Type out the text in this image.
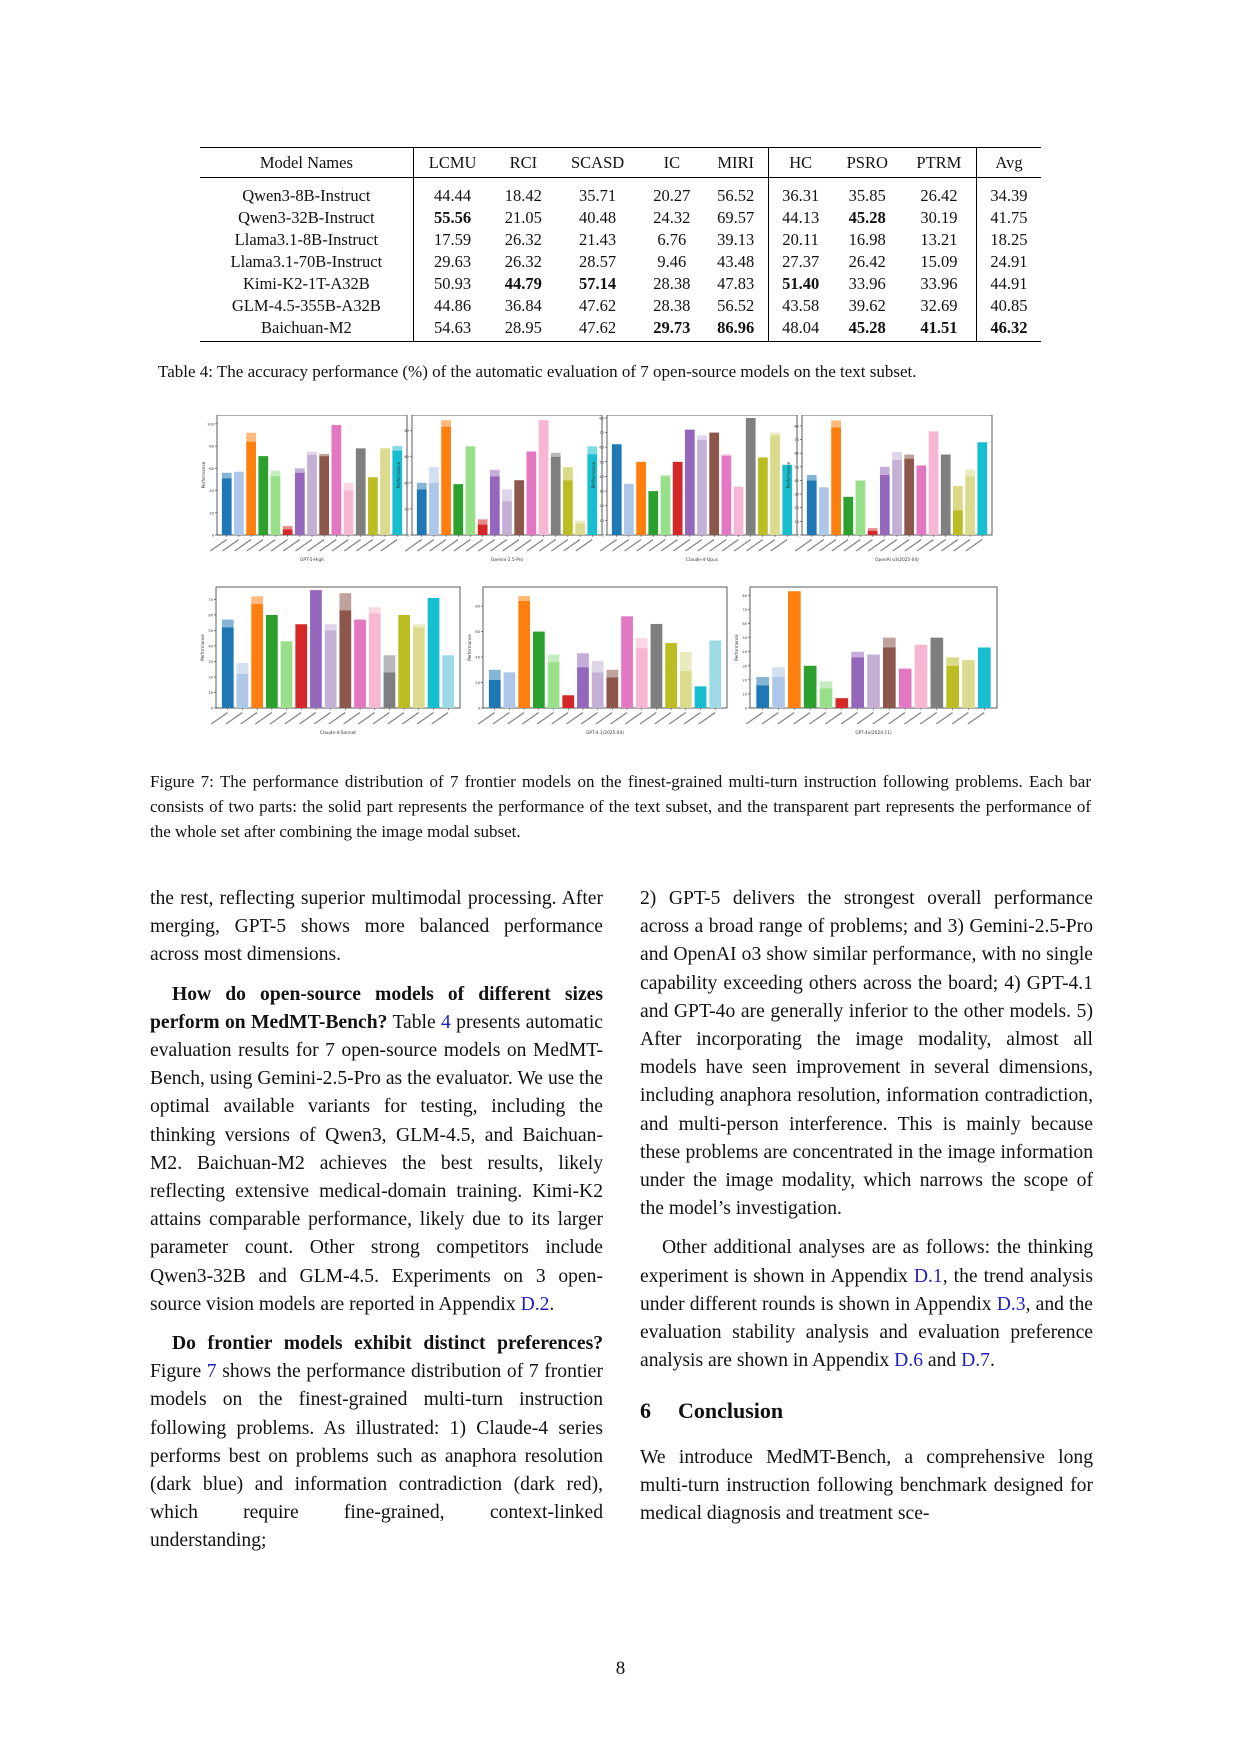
Model Names	LCMU	RCI	SCASD	IC	MIRI	HC	PSRO	PTRM	Avg
Qwen3-8B-Instruct	44.44	18.42	35.71	20.27	56.52	36.31	35.85	26.42	34.39
Qwen3-32B-Instruct	55.56	21.05	40.48	24.32	69.57	44.13	45.28	30.19	41.75
Llama3.1-8B-Instruct	17.59	26.32	21.43	6.76	39.13	20.11	16.98	13.21	18.25
Llama3.1-70B-Instruct	29.63	26.32	28.57	9.46	43.48	27.37	26.42	15.09	24.91
Kimi-K2-1T-A32B	50.93	44.79	57.14	28.38	47.83	51.40	33.96	33.96	44.91
GLM-4.5-355B-A32B	44.86	36.84	47.62	28.38	56.52	43.58	39.62	32.69	40.85
Baichuan-M2	54.63	28.95	47.62	29.73	86.96	48.04	45.28	41.51	46.32
Table 4: The accuracy performance (%) of the automatic evaluation of 7 open-source models on the text subset.
0
20
40
60
80
100
Performance
GPT-5-High
0
20
40
60
80
Performance
Gemini-2.5-Pro
0
10
20
30
40
50
60
70
80
Performance
Claude-4-Opus
0
10
20
30
40
50
60
70
80
Performance
OpenAI o3(2025-04)
0
10
20
30
40
50
60
70
Performance
Claude-4-Sonnet
0
20
40
60
80
Performance
GPT-4.1(2025-04)
0
10
20
30
40
50
60
70
80
Performance
GPT-4o(2024-11)
Figure 7: The performance distribution of 7 frontier models on the finest-grained multi-turn instruction following problems. Each bar consists of two parts: the solid part represents the performance of the text subset, and the transparent part represents the performance of the whole set after combining the image modal subset.

the rest, reflecting superior multimodal processing. After merging, GPT-5 shows more balanced performance across most dimensions.

How do open-source models of different sizes perform on MedMT-Bench? Table 4 presents automatic evaluation results for 7 open-source models on MedMT-Bench, using Gemini-2.5-Pro as the evaluator. We use the optimal available variants for testing, including the thinking versions of Qwen3, GLM-4.5, and Baichuan-M2. Baichuan-M2 achieves the best results, likely reflecting extensive medical-domain training. Kimi-K2 attains comparable performance, likely due to its larger parameter count. Other strong competitors include Qwen3-32B and GLM-4.5. Experiments on 3 open-source vision models are reported in Appendix D.2.

Do frontier models exhibit distinct preferences? Figure 7 shows the performance distribution of 7 frontier models on the finest-grained multi-turn instruction following problems. As illustrated: 1) Claude-4 series performs best on problems such as anaphora resolution (dark blue) and information contradiction (dark red), which require fine-grained, context-linked understanding;

2) GPT-5 delivers the strongest overall performance across a broad range of problems; and 3) Gemini-2.5-Pro and OpenAI o3 show similar performance, with no single capability exceeding others across the board; 4) GPT-4.1 and GPT-4o are generally inferior to the other models. 5) After incorporating the image modality, almost all models have seen improvement in several dimensions, including anaphora resolution, information contradiction, and multi-person interference. This is mainly because these problems are concentrated in the image information under the image modality, which narrows the scope of the model’s investigation.

Other additional analyses are as follows: the thinking experiment is shown in Appendix D.1, the trend analysis under different rounds is shown in Appendix D.3, and the evaluation stability analysis and evaluation preference analysis are shown in Appendix D.6 and D.7.

6 Conclusion

We introduce MedMT-Bench, a comprehensive long multi-turn instruction following benchmark designed for medical diagnosis and treatment sce-

8
